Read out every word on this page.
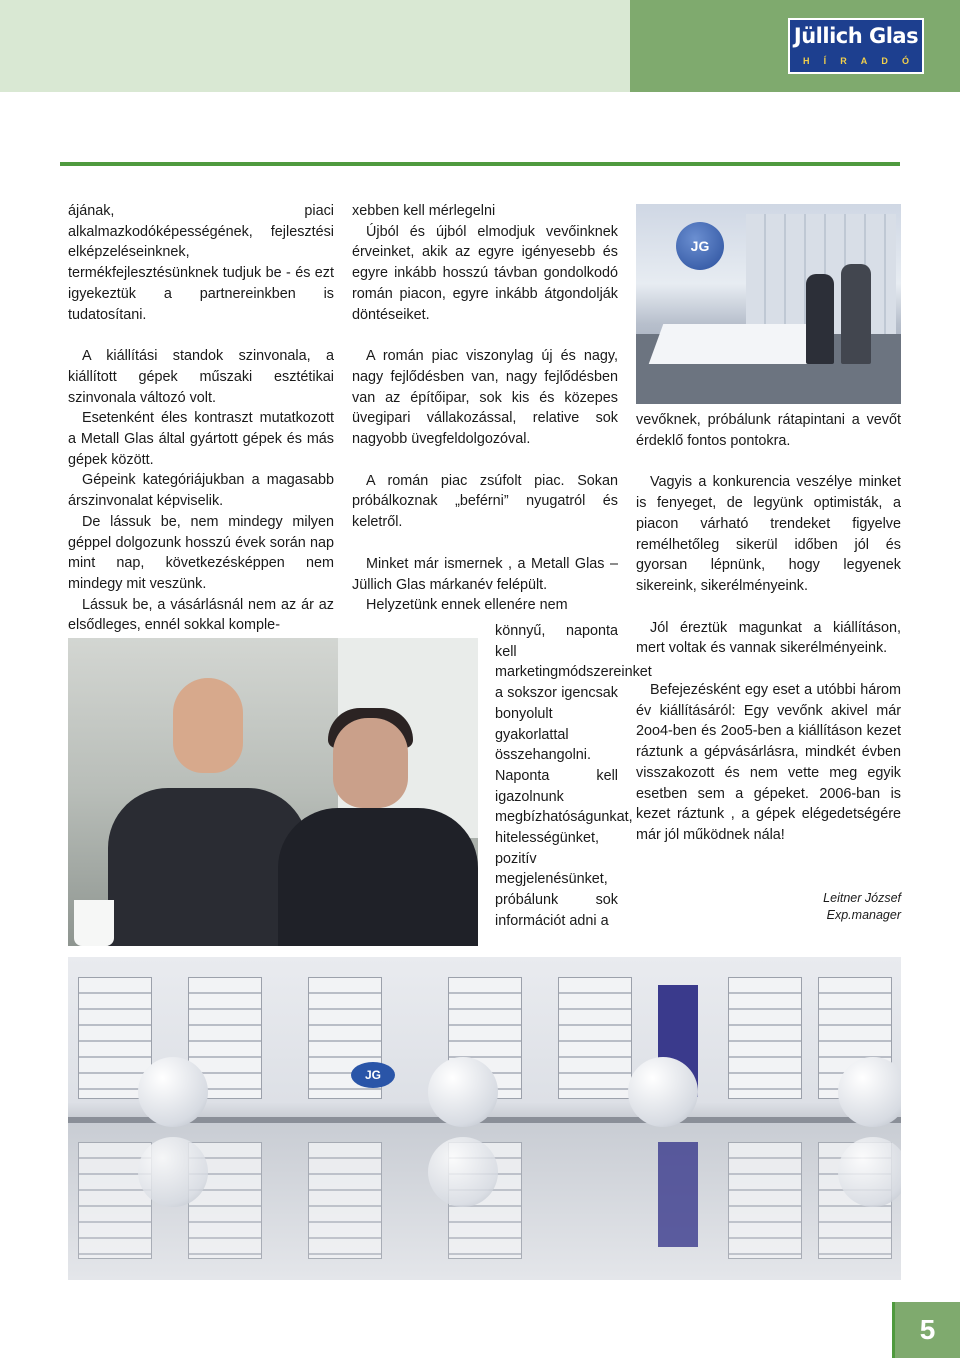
Jüllich Glas
H Í R A D Ó

ájának, piaci alkalmazkodóképességének, fejlesztési elképzeléseinknek, termékfejlesztésünknek tudjuk be - és ezt igyekeztük a partnereinkben is tudatosítani.

A kiállítási standok szinvonala, a kiállított gépek műszaki esztétikai szinvonala változó volt.

Esetenként éles kontraszt mutatkozott a Metall Glas által gyártott gépek és más gépek között.

Gépeink kategóriájukban a magasabb árszinvonalat képviselik.

De lássuk be, nem mindegy milyen géppel dolgozunk hosszú évek során nap mint nap, következésképpen nem mindegy mit veszünk.

Lássuk be, a vásárlásnál nem az ár az elsődleges, ennél sokkal komple-

xebben kell mérlegelni

Újból és újból elmodjuk vevőinknek érveinket, akik az egyre igényesebb és egyre inkább hosszú távban gondolkodó román piacon, egyre inkább átgondolják döntéseiket.

A román piac viszonylag új és nagy, nagy fejlődésben van, nagy fejlődésben van az építőipar, sok kis és közepes üvegipari vállakozással, relative sok nagyobb üvegfeldolgozóval.

A román piac zsúfolt piac. Sokan próbálkoznak „beférni” nyugatról és keletről.

Minket már ismernek , a Metall Glas – Jüllich Glas márkanév felépült.

Helyzetünk ennek ellenére nem

könnyű, naponta kell marketingmódszereinket a sokszor igencsak bonyolult gyakorlattal összehangolni. Naponta kell igazolnunk megbízhatóságunkat, hitelességünket, pozitív megjelenésünket, próbálunk sok információt adni a

JG

vevőknek, próbálunk rátapintani a vevőt érdeklő fontos pontokra.

Vagyis a konkurencia veszélye minket is fenyeget, de legyünk optimisták, a piacon várható trendeket figyelve remélhetőleg sikerül időben jól és gyorsan lépnünk, hogy legyenek sikereink, sikerélményeink.

Jól éreztük magunkat a kiállításon, mert voltak és vannak sikerélményeink.

Befejezésként egy eset a utóbbi három év kiállításáról: Egy vevőnk akivel már 2oo4-ben és 2oo5-ben a kiállításon kezet ráztunk a gépvásárlásra, mindkét évben visszakozott és nem vette meg egyik esetben sem a gépeket. 2006-ban is kezet ráztunk , a gépek elégedetségére már jól működnek nála!

Leitner József
Exp.manager
JG
5
